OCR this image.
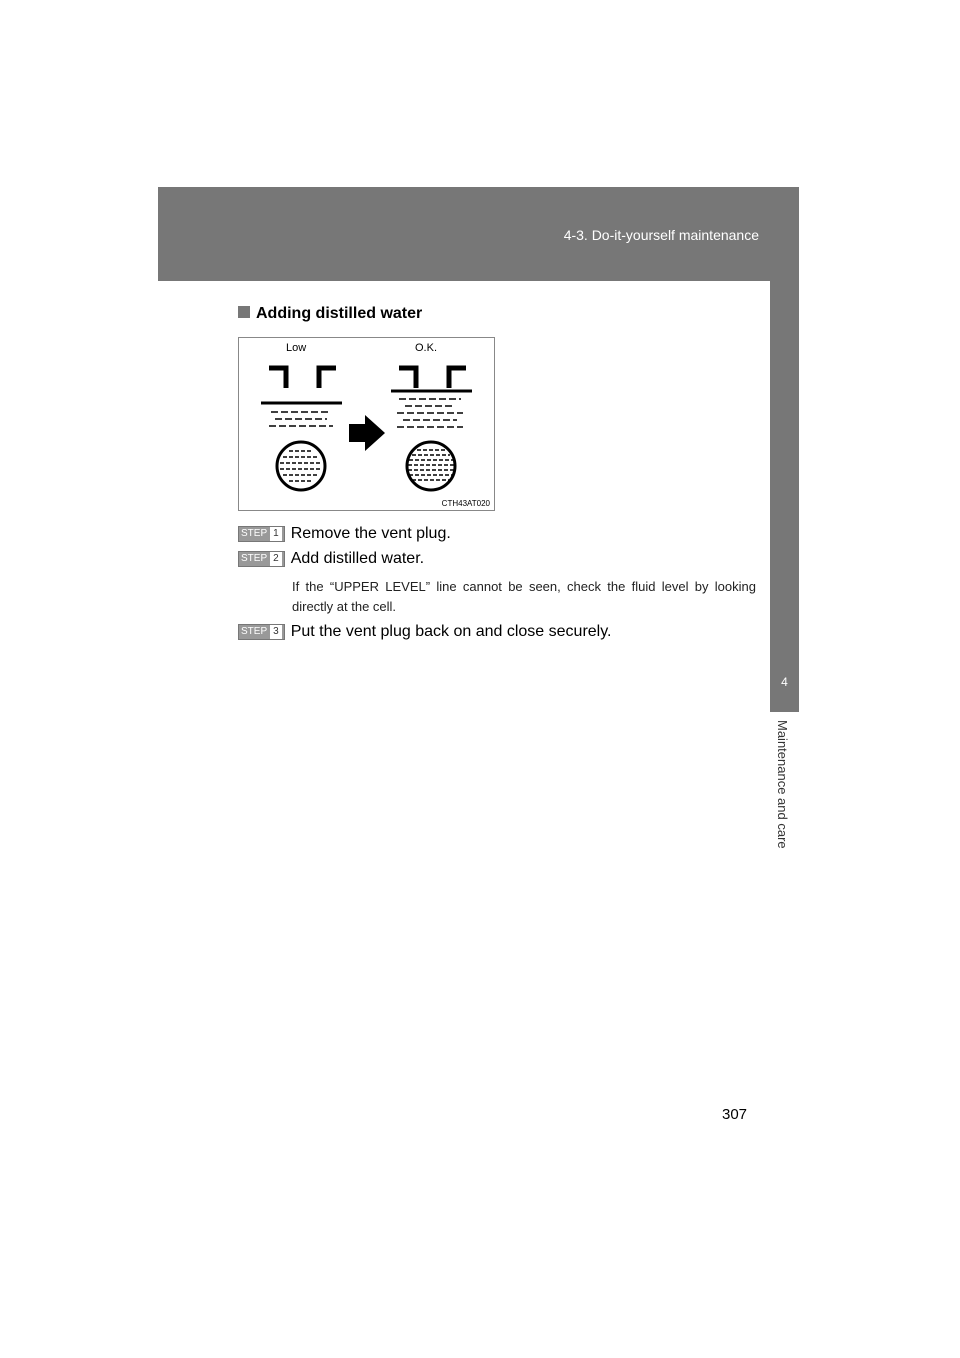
4-3. Do-it-yourself maintenance
4
Maintenance and care
Adding distilled water
Low	O.K.
CTH43AT020
STEP 1 Remove the vent plug.
STEP 2 Add distilled water.
If the “UPPER LEVEL” line cannot be seen, check the fluid level by looking directly at the cell.
STEP 3 Put the vent plug back on and close securely.
307
